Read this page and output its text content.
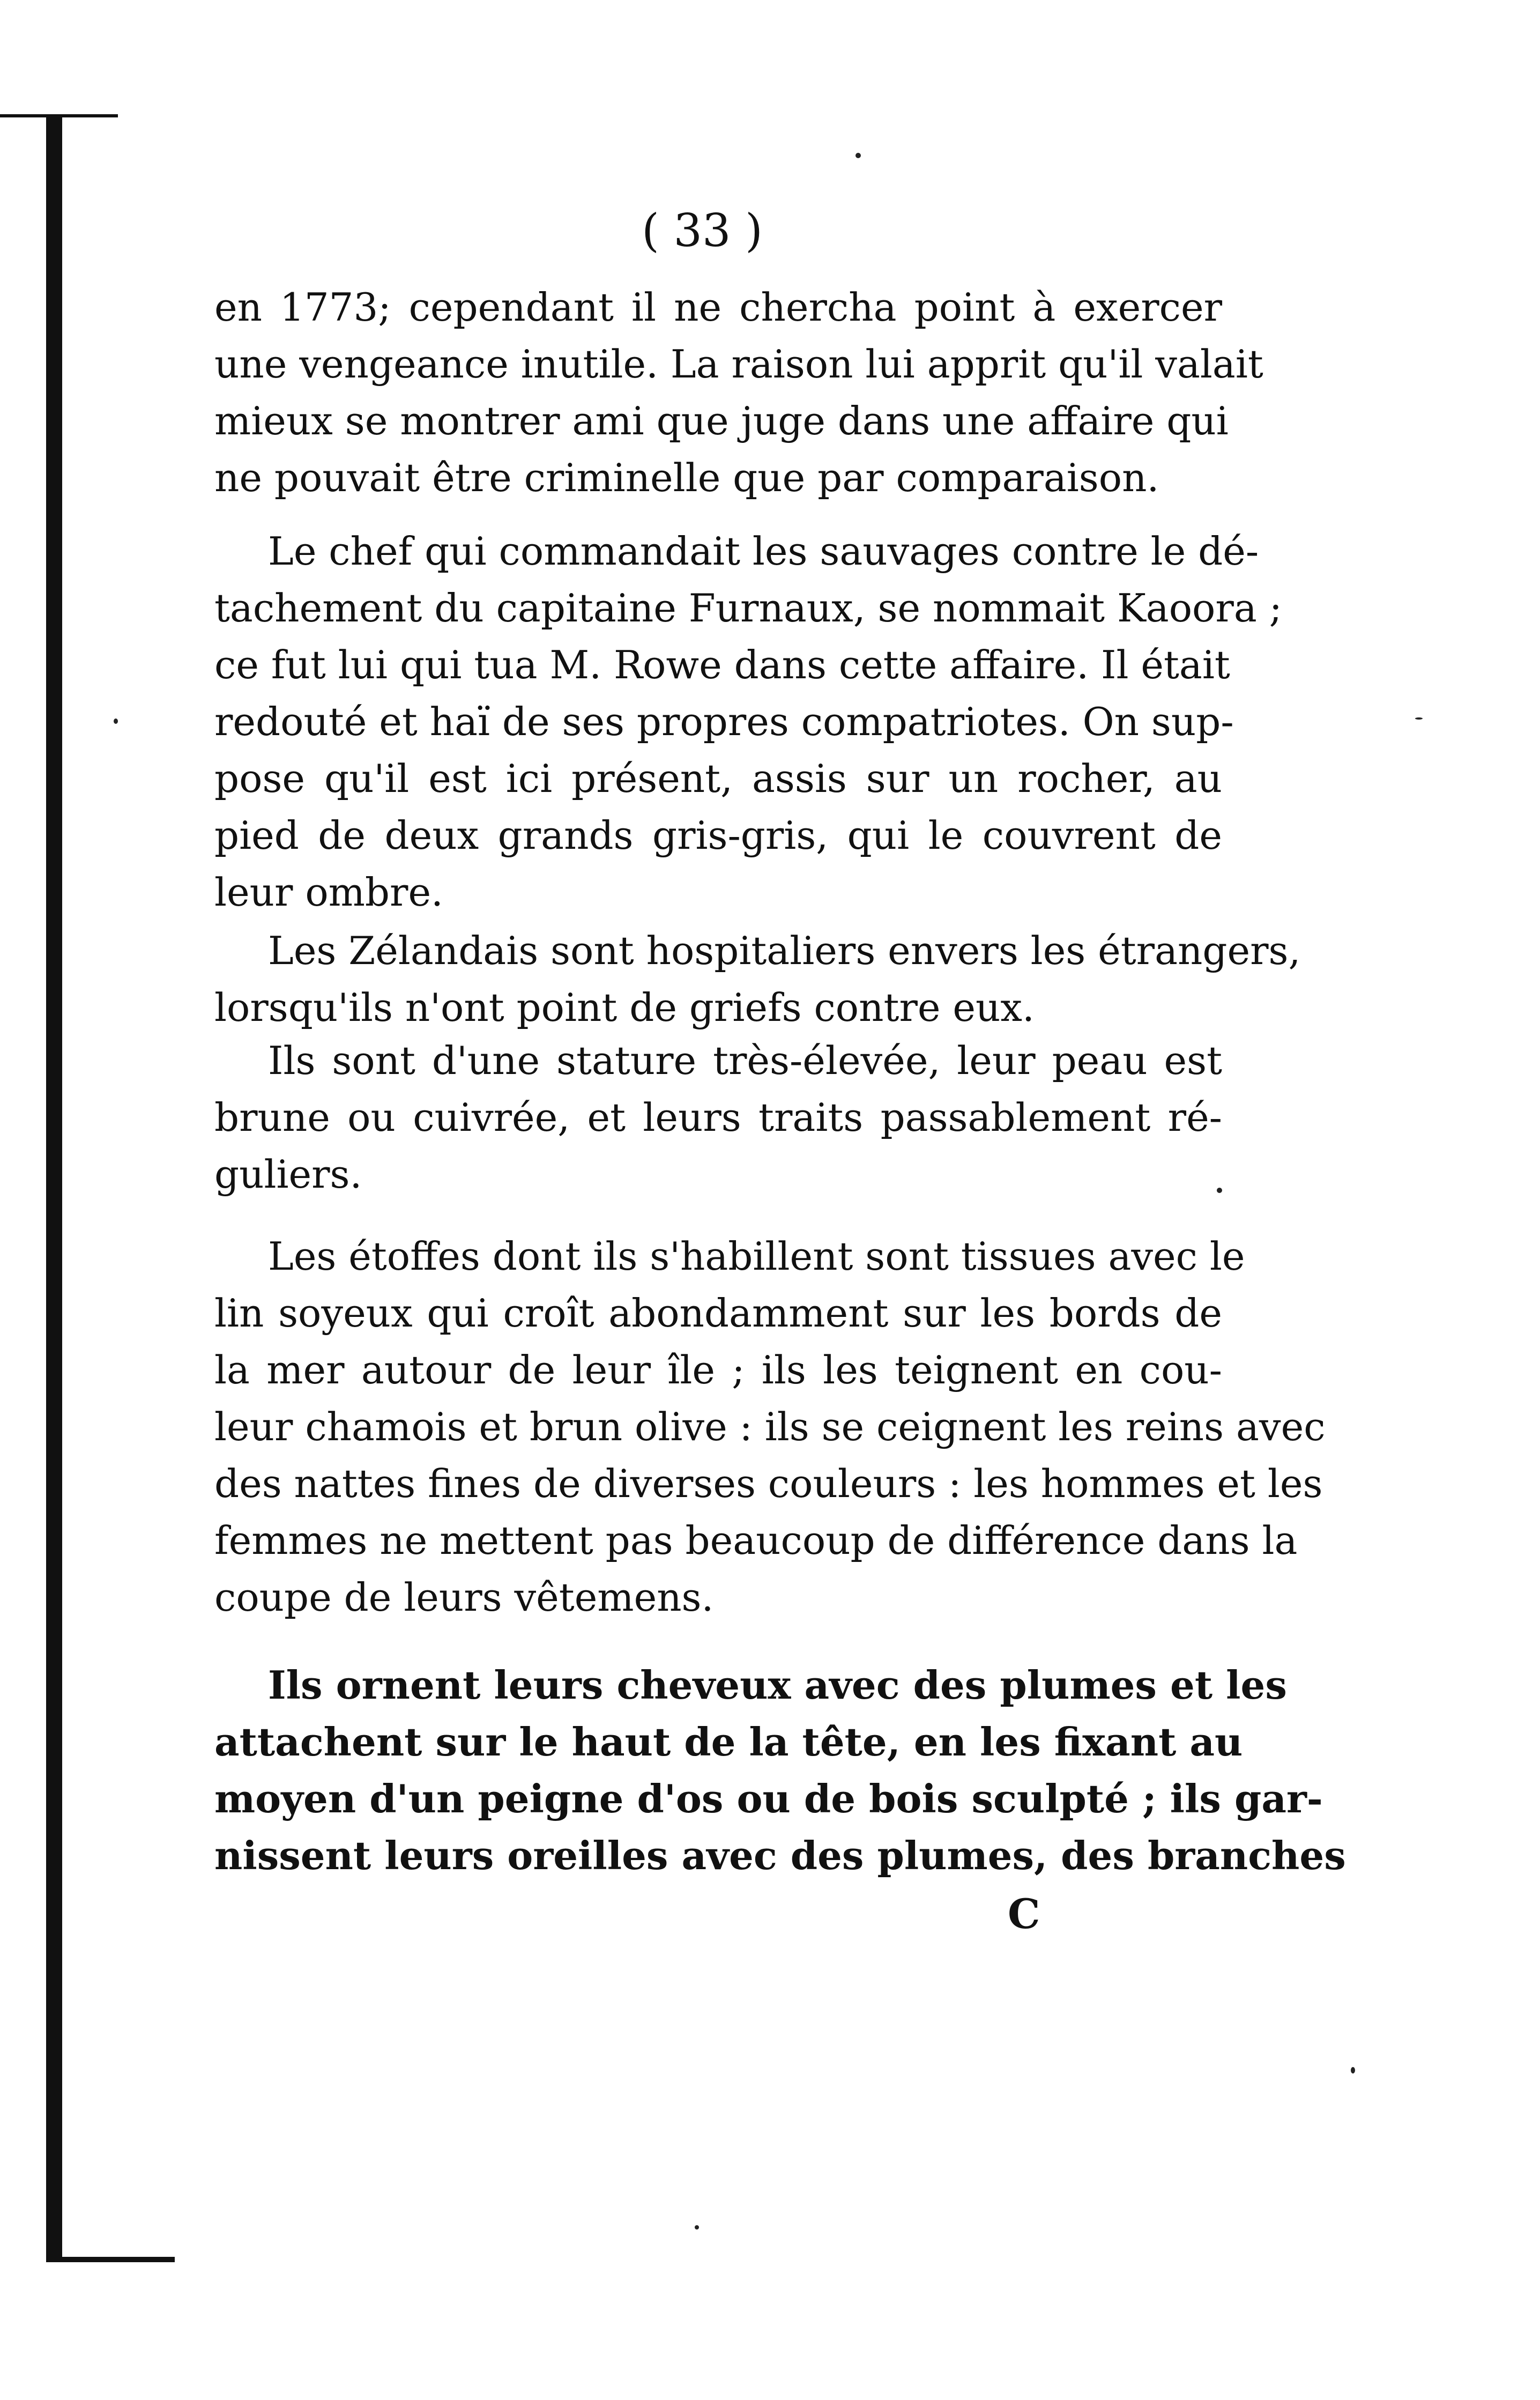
( 33 )

en 1773; cependant il ne chercha point à exercer
une vengeance inutile. La raison lui apprit qu'il valait
mieux se montrer ami que juge dans une affaire qui
ne pouvait être criminelle que par comparaison.

Le chef qui commandait les sauvages contre le dé-
tachement du capitaine Furnaux, se nommait Kaoora ;
ce fut lui qui tua M. Rowe dans cette affaire. Il était
redouté et haï de ses propres compatriotes. On sup-
pose qu'il est ici présent, assis sur un rocher, au
pied de deux grands gris-gris, qui le couvrent de
leur ombre.

Les Zélandais sont hospitaliers envers les étrangers,
lorsqu'ils n'ont point de griefs contre eux.

Ils sont d'une stature très-élevée, leur peau est
brune ou cuivrée, et leurs traits passablement ré-
guliers.

Les étoffes dont ils s'habillent sont tissues avec le
lin soyeux qui croît abondamment sur les bords de
la mer autour de leur île ; ils les teignent en cou-
leur chamois et brun olive : ils se ceignent les reins avec
des nattes fines de diverses couleurs : les hommes et les
femmes ne mettent pas beaucoup de différence dans la
coupe de leurs vêtemens.

Ils ornent leurs cheveux avec des plumes et les
attachent sur le haut de la tête, en les fixant au
moyen d'un peigne d'os ou de bois sculpté ; ils gar-
nissent leurs oreilles avec des plumes, des branches

C
